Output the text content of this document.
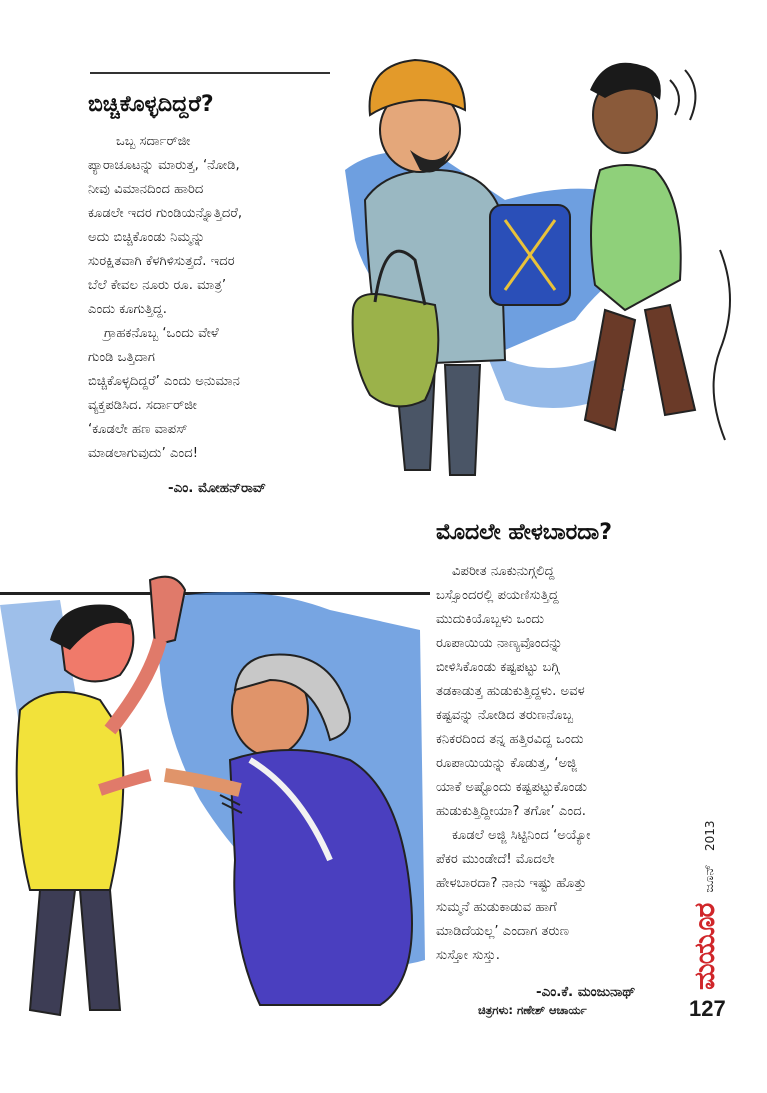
ಬಿಚ್ಚಿಕೊಳ್ಳದಿದ್ದರೆ?

ಒಬ್ಬ ಸರ್ದಾರ್‌ಜೀ

ಪ್ಯಾರಾಚೂಟನ್ನು ಮಾರುತ್ತ, ‘ನೋಡಿ,

ನೀವು ವಿಮಾನದಿಂದ ಹಾರಿದ

ಕೂಡಲೇ ಇದರ ಗುಂಡಿಯನ್ನೊತ್ತಿದರೆ,

ಅದು ಬಿಚ್ಚಿಕೊಂಡು ನಿಮ್ಮನ್ನು

ಸುರಕ್ಷಿತವಾಗಿ ಕೆಳಗಿಳಿಸುತ್ತದೆ. ಇದರ

ಬೆಲೆ ಕೇವಲ ನೂರು ರೂ. ಮಾತ್ರ’

ಎಂದು ಕೂಗುತ್ತಿದ್ದ.

ಗ್ರಾಹಕನೊಬ್ಬ ‘ಒಂದು ವೇಳೆ

ಗುಂಡಿ ಒತ್ತಿದಾಗ

ಬಿಚ್ಚಿಕೊಳ್ಳದಿದ್ದರೆ’ ಎಂದು ಅನುಮಾನ

ವ್ಯಕ್ತಪಡಿಸಿದ. ಸರ್ದಾರ್‌ಜೀ

‘ಕೂಡಲೇ ಹಣ ವಾಪಸ್

ಮಾಡಲಾಗುವುದು’ ಎಂದ!

-ಎಂ. ಮೋಹನ್‌ರಾವ್
ಮೊದಲೇ ಹೇಳಬಾರದಾ?

ವಿಪರೀತ ನೂಕುನುಗ್ಗಲಿದ್ದ

ಬಸ್ಸೊಂದರಲ್ಲಿ ಪಯಣಿಸುತ್ತಿದ್ದ

ಮುದುಕಿಯೊಬ್ಬಳು ಒಂದು

ರೂಪಾಯಿಯ ನಾಣ್ಯವೊಂದನ್ನು

ಬೀಳಿಸಿಕೊಂಡು ಕಷ್ಟಪಟ್ಟು ಬಗ್ಗಿ

ತಡಕಾಡುತ್ತ ಹುಡುಕುತ್ತಿದ್ದಳು. ಅವಳ

ಕಷ್ಟವನ್ನು ನೋಡಿದ ತರುಣನೊಬ್ಬ

ಕನಿಕರದಿಂದ ತನ್ನ ಹತ್ತಿರವಿದ್ದ ಒಂದು

ರೂಪಾಯಿಯನ್ನು ಕೊಡುತ್ತ, ‘ಅಜ್ಜಿ

ಯಾಕೆ ಅಷ್ಟೊಂದು ಕಷ್ಟಪಟ್ಟುಕೊಂಡು

ಹುಡುಕುತ್ತಿದ್ದೀಯಾ? ತಗೋ’ ಎಂದ.

ಕೂಡಲೆ ಅಜ್ಜಿ ಸಿಟ್ಟಿನಿಂದ ‘ಅಯ್ಯೋ

ಪೆಕರ ಮುಂಡೇದೆ! ಮೊದಲೇ

ಹೇಳಬಾರದಾ? ನಾನು ಇಷ್ಟು ಹೊತ್ತು

ಸುಮ್ಮನೆ ಹುಡುಕಾಡುವ ಹಾಗೆ

ಮಾಡಿದೆಯಲ್ಲ’ ಎಂದಾಗ ತರುಣ

ಸುಸ್ತೋ ಸುಸ್ತು.

-ಎಂ.ಕೆ. ಮಂಜುನಾಥ್
ಚಿತ್ರಗಳು: ಗಣೇಶ್ ಆಚಾರ್ಯ
ಮಯೂರ ಜೂನ್ 2013
127
